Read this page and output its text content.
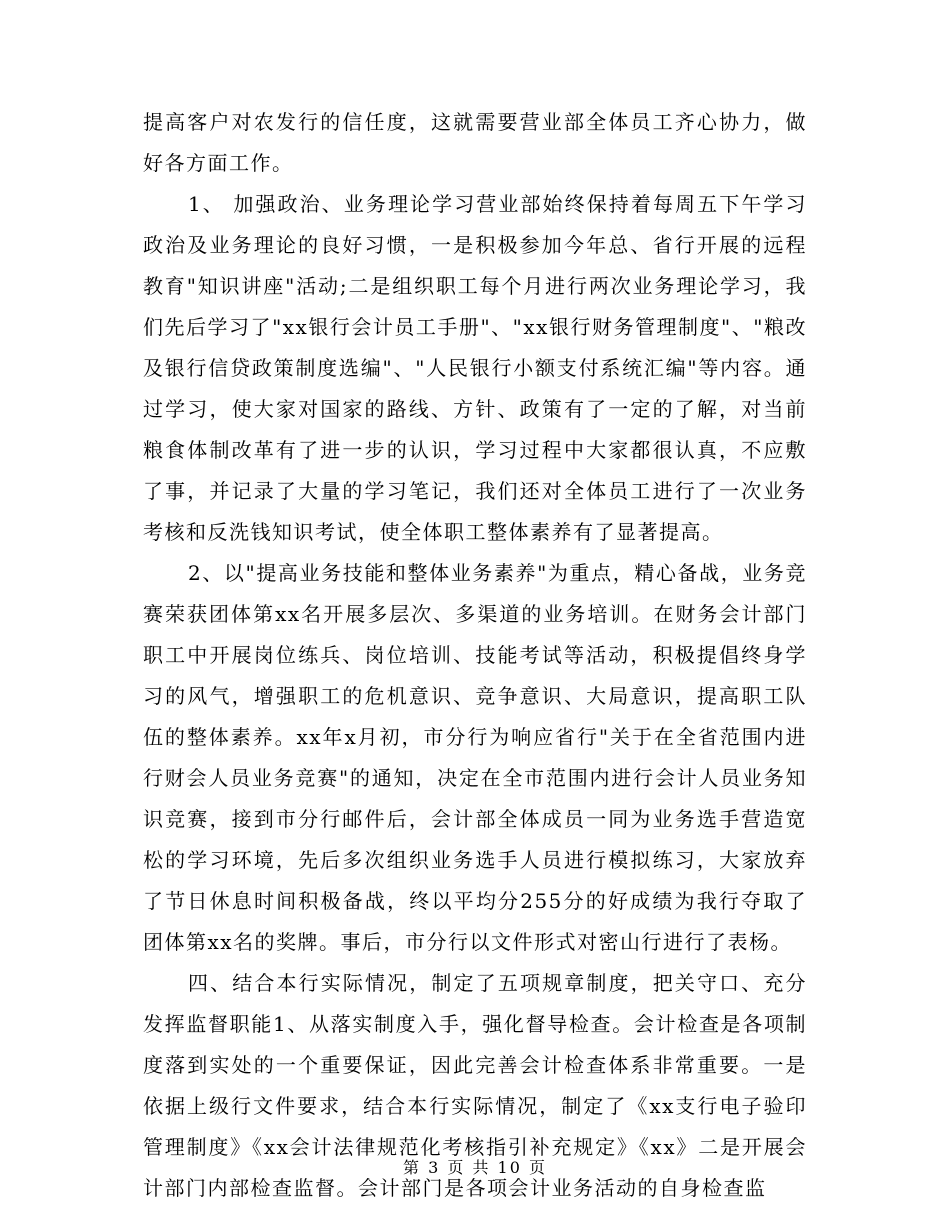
提高客户对农发行的信任度，这就需要营业部全体员工齐心协力，做好各方面工作。

1、 加强政治、业务理论学习营业部始终保持着每周五下午学习政治及业务理论的良好习惯，一是积极参加今年总、省行开展的远程教育"知识讲座"活动;二是组织职工每个月进行两次业务理论学习，我们先后学习了"xx银行会计员工手册"、"xx银行财务管理制度"、"粮改及银行信贷政策制度选编"、"人民银行小额支付系统汇编"等内容。通过学习，使大家对国家的路线、方针、政策有了一定的了解，对当前粮食体制改革有了进一步的认识，学习过程中大家都很认真，不应敷了事，并记录了大量的学习笔记，我们还对全体员工进行了一次业务考核和反洗钱知识考试，使全体职工整体素养有了显著提高。

2、以"提高业务技能和整体业务素养"为重点，精心备战，业务竞赛荣获团体第xx名开展多层次、多渠道的业务培训。在财务会计部门职工中开展岗位练兵、岗位培训、技能考试等活动，积极提倡终身学习的风气，增强职工的危机意识、竞争意识、大局意识，提高职工队伍的整体素养。xx年x月初，市分行为响应省行"关于在全省范围内进行财会人员业务竞赛"的通知，决定在全市范围内进行会计人员业务知识竞赛，接到市分行邮件后，会计部全体成员一同为业务选手营造宽松的学习环境，先后多次组织业务选手人员进行模拟练习，大家放弃了节日休息时间积极备战，终以平均分255分的好成绩为我行夺取了团体第xx名的奖牌。事后，市分行以文件形式对密山行进行了表杨。

四、结合本行实际情况，制定了五项规章制度，把关守口、充分发挥监督职能1、从落实制度入手，强化督导检查。会计检查是各项制度落到实处的一个重要保证，因此完善会计检查体系非常重要。一是依据上级行文件要求，结合本行实际情况，制定了《xx支行电子验印管理制度》《xx会计法律规范化考核指引补充规定》《xx》二是开展会计部门内部检查监督。会计部门是各项会计业务活动的自身检查监

第 3 页 共 10 页
